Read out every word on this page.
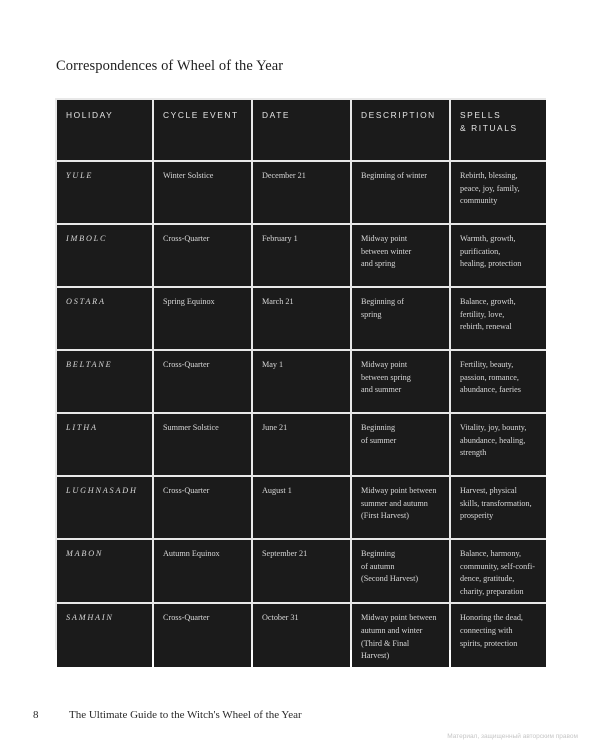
Correspondences of Wheel of the Year
HOLIDAY	CYCLE EVENT	DATE	DESCRIPTION	SPELLS
& RITUALS

YULE	Winter Solstice	December 21	Beginning of winter	Rebirth, blessing,
peace, joy, family,
community

IMBOLC	Cross-Quarter	February 1	Midway point
between winter
and spring	Warmth, growth,
purification,
healing, protection

OSTARA	Spring Equinox	March 21	Beginning of
spring	Balance, growth,
fertility, love,
rebirth, renewal

BELTANE	Cross-Quarter	May 1	Midway point
between spring
and summer	Fertility, beauty,
passion, romance,
abundance, faeries

LITHA	Summer Solstice	June 21	Beginning
of summer	Vitality, joy, bounty,
abundance, healing,
strength

LUGHNASADH	Cross-Quarter	August 1	Midway point between
summer and autumn
(First Harvest)	Harvest, physical
skills, transformation,
prosperity

MABON	Autumn Equinox	September 21	Beginning
of autumn
(Second Harvest)	Balance, harmony,
community, self-confi-
dence, gratitude,
charity, preparation

SAMHAIN	Cross-Quarter	October 31	Midway point between
autumn and winter
(Third & Final
Harvest)	Honoring the dead,
connecting with
spirits, protection
8	The Ultimate Guide to the Witch's Wheel of the Year
Материал, защищенный авторским правом
